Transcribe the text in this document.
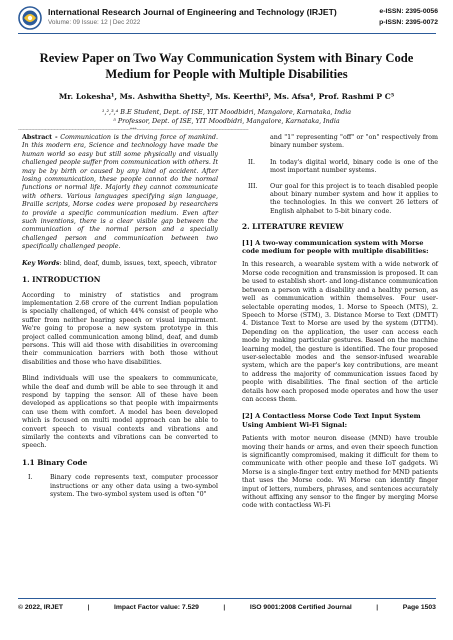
International Research Journal of Engineering and Technology (IRJET)
Volume: 09 Issue: 12 | Dec 2022
e-ISSN: 2395-0056
p-ISSN: 2395-0072
Review Paper on Two Way Communication System with Binary Code Medium for People with Multiple Disabilities
Mr. Lokesha¹, Ms. Ashwitha Shetty², Ms. Keerthi³, Ms. Afsa⁴, Prof. Rashmi P C⁵
¹,²,³,⁴ B.E Student, Dept. of ISE, YIT Moodbidri, Mangalore, Karnataka, India
⁵ Professor, Dept. of ISE, YIT Moodbidri, Mangalore, Karnataka, India
---------------------------------------------------------------------------***---------------------------------------------------------------------------

Abstract - Communication is the driving force of mankind. In this modern era, Science and technology have made the human world so easy but still some physically and visually challenged people suffer from communication with others. It may be by birth or caused by any kind of accident. After losing communication, these people cannot do the normal functions or normal life. Majorly they cannot communicate with others. Various languages specifying sign language, Braille scripts, Morse codes were proposed by researchers to provide a specific communication medium. Even after such inventions, there is a clear visible gap between the communication of the normal person and a specially challenged person and communication between two specifically challenged people.

Key Words: blind, deaf, dumb, issues, text, speech, vibrator

1. INTRODUCTION

According to ministry of statistics and program implementation 2.68 crore of the current Indian population is specially challenged, of which 44% consist of people who suffer from neither hearing speech or visual impairment. We're going to propose a new system prototype in this project called communication among blind, deaf, and dumb persons. This will aid those with disabilities in overcoming their communication barriers with both those without disabilities and those who have disabilities.

Blind individuals will use the speakers to communicate, while the deaf and dumb will be able to see through it and respond by tapping the sensor. All of these have been developed as applications so that people with impairments can use them with comfort. A model has been developed which is focused on multi model approach can be able to convert speech to visual contexts and vibrations and similarly the contexts and vibrations can be converted to speech.

1.1 Binary Code
I.	Binary code represents text, computer processor instructions or any other data using a two-symbol system. The two-symbol system used is often "0"

and "1" representing "off" or "on" respectively from binary number system.

II.	In today's digital world, binary code is one of the most important number systems.
III.	Our goal for this project is to teach disabled people about binary number system and how it applies to the technologies. In this we convert 26 letters of English alphabet to 5-bit binary code.
2. LITERATURE REVIEW
[1] A two-way communication system with Morse code medium for people with multiple disabilities:

In this research, a wearable system with a wide network of Morse code recognition and transmission is proposed. It can be used to establish short- and long-distance communication between a person with a disability and a healthy person, as well as communication within themselves. Four user-selectable operating modes, 1. Morse to Speech (MTS), 2. Speech to Morse (STM), 3. Distance Morse to Text (DMTT) 4. Distance Text to Morse are used by the system (DTTM). Depending on the application, the user can access each mode by making particular gestures. Based on the machine learning model, the gesture is identified. The four proposed user-selectable modes and the sensor-infused wearable system, which are the paper's key contributions, are meant to address the majority of communication issues faced by people with disabilities. The final section of the article details how each proposed mode operates and how the user can access them.

[2] A Contactless Morse Code Text Input System Using Ambient Wi-Fi Signal:

Patients with motor neuron disease (MND) have trouble moving their hands or arms, and even their speech function is significantly compromised, making it difficult for them to communicate with other people and these IoT gadgets. Wi Morse is a single-finger text entry method for MND patients that uses the Morse code. Wi Morse can identify finger input of letters, numbers, phrases, and sentences accurately without affixing any sensor to the finger by merging Morse code with contactless Wi-Fi

© 2022, IRJET	|	Impact Factor value: 7.529	|	ISO 9001:2008 Certified Journal	|	Page 1503
